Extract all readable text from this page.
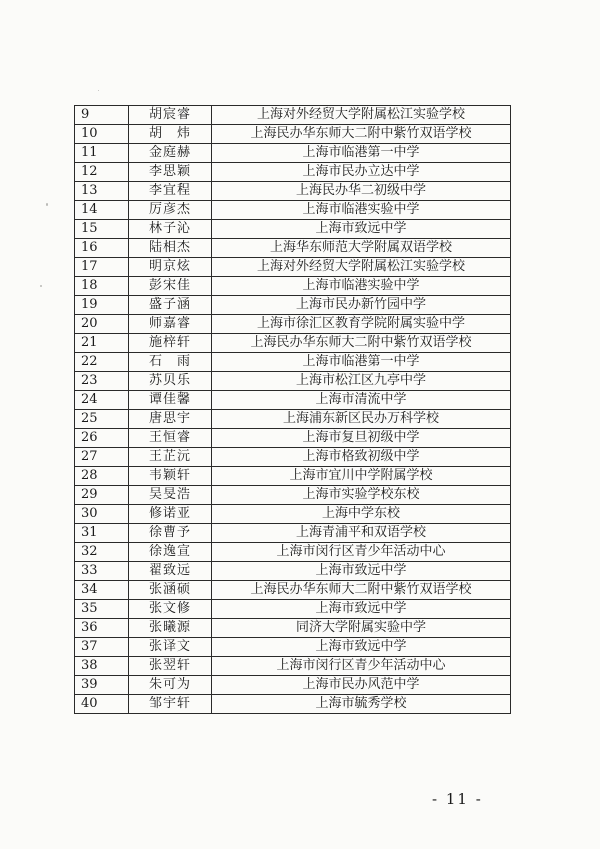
9	胡宸睿	上海对外经贸大学附属松江实验学校
10	胡　炜	上海民办华东师大二附中紫竹双语学校
11	金庭赫	上海市临港第一中学
12	李思颖	上海市民办立达中学
13	李宜程	上海民办华二初级中学
14	厉彦杰	上海市临港实验中学
15	林子沁	上海市致远中学
16	陆相杰	上海华东师范大学附属双语学校
17	明京炫	上海对外经贸大学附属松江实验学校
18	彭宋佳	上海市临港实验中学
19	盛子涵	上海市民办新竹园中学
20	师嘉睿	上海市徐汇区教育学院附属实验中学
21	施梓轩	上海民办华东师大二附中紫竹双语学校
22	石　雨	上海市临港第一中学
23	苏贝乐	上海市松江区九亭中学
24	谭佳馨	上海市清流中学
25	唐思宇	上海浦东新区民办万科学校
26	王恒睿	上海市复旦初级中学
27	王芷沅	上海市格致初级中学
28	韦颖轩	上海市宜川中学附属学校
29	吴旻浩	上海市实验学校东校
30	修诺亚	上海中学东校
31	徐曹予	上海青浦平和双语学校
32	徐逸宣	上海市闵行区青少年活动中心
33	翟致远	上海市致远中学
34	张涵硕	上海民办华东师大二附中紫竹双语学校
35	张文修	上海市致远中学
36	张曦源	同济大学附属实验中学
37	张译文	上海市致远中学
38	张翌轩	上海市闵行区青少年活动中心
39	朱可为	上海市民办风范中学
40	邹宇轩	上海市毓秀学校
- 11 -
